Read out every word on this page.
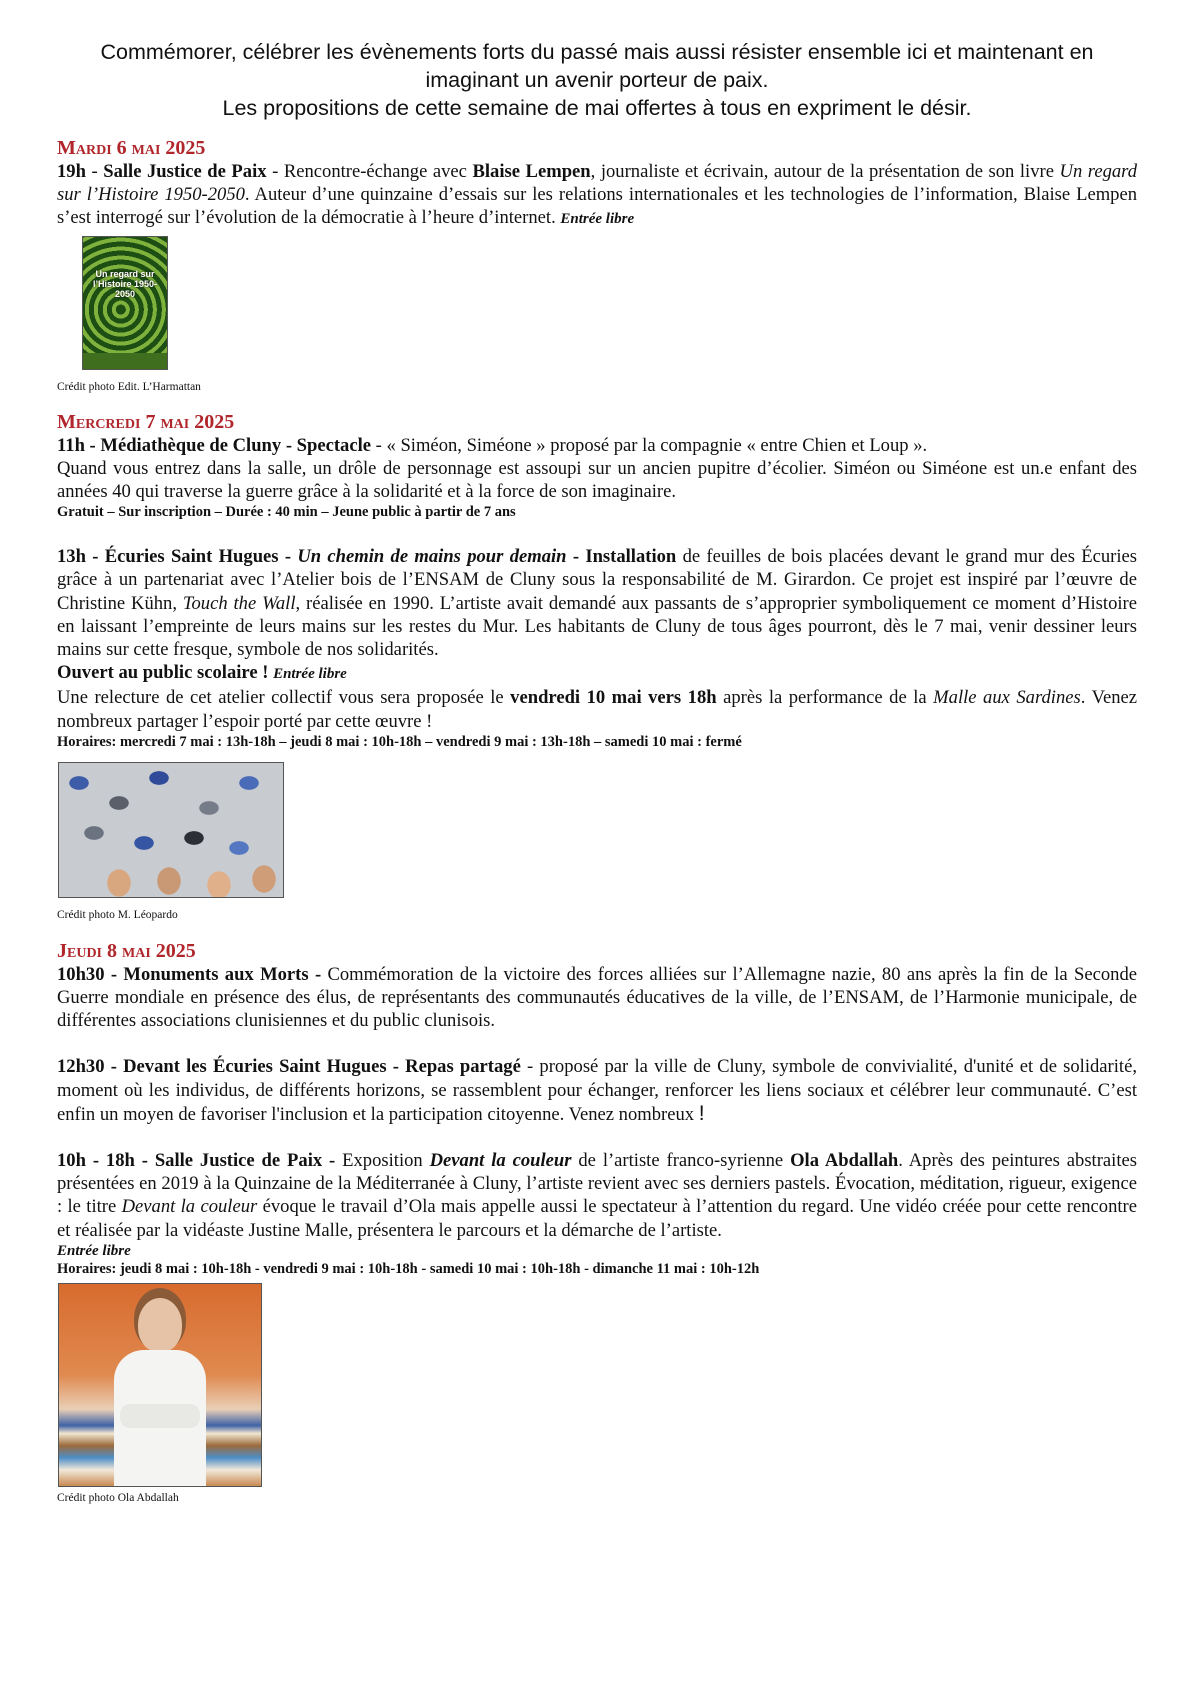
Commémorer, célébrer les évènements forts du passé mais aussi résister ensemble ici et maintenant en
imaginant un avenir porteur de paix.
Les propositions de cette semaine de mai offertes à tous en expriment le désir.
Mardi 6 mai 2025

19h - Salle Justice de Paix - Rencontre-échange avec Blaise Lempen, journaliste et écrivain, autour de la présentation de son livre Un regard sur l’Histoire 1950-2050. Auteur d’une quinzaine d’essais sur les relations internationales et les technologies de l’information, Blaise Lempen s’est interrogé sur l’évolution de la démocratie à l’heure d’internet. Entrée libre

Un regard sur l’Histoire 1950-2050
Crédit photo Edit. L’Harmattan
Mercredi 7 mai 2025

11h - Médiathèque de Cluny - Spectacle - « Siméon, Siméone » proposé par la compagnie « entre Chien et Loup ».

Quand vous entrez dans la salle, un drôle de personnage est assoupi sur un ancien pupitre d’écolier. Siméon ou Siméone est un.e enfant des années 40 qui traverse la guerre grâce à la solidarité et à la force de son imaginaire.

Gratuit – Sur inscription – Durée : 40 min – Jeune public à partir de 7 ans

13h - Écuries Saint Hugues - Un chemin de mains pour demain - Installation de feuilles de bois placées devant le grand mur des Écuries grâce à un partenariat avec l’Atelier bois de l’ENSAM de Cluny sous la responsabilité de M. Girardon. Ce projet est inspiré par l’œuvre de Christine Kühn, Touch the Wall, réalisée en 1990. L’artiste avait demandé aux passants de s’approprier symboliquement ce moment d’Histoire en laissant l’empreinte de leurs mains sur les restes du Mur. Les habitants de Cluny de tous âges pourront, dès le 7 mai, venir dessiner leurs mains sur cette fresque, symbole de nos solidarités.

Ouvert au public scolaire ! Entrée libre

Une relecture de cet atelier collectif vous sera proposée le vendredi 10 mai vers 18h après la performance de la Malle aux Sardines. Venez nombreux partager l’espoir porté par cette œuvre !

Horaires: mercredi 7 mai : 13h-18h – jeudi 8 mai : 10h-18h – vendredi 9 mai : 13h-18h – samedi 10 mai : fermé
Crédit photo M. Léopardo
Jeudi 8 mai 2025

10h30 - Monuments aux Morts - Commémoration de la victoire des forces alliées sur l’Allemagne nazie, 80 ans après la fin de la Seconde Guerre mondiale en présence des élus, de représentants des communautés éducatives de la ville, de l’ENSAM, de l’Harmonie municipale, de différentes associations clunisiennes et du public clunisois.

12h30 - Devant les Écuries Saint Hugues - Repas partagé - proposé par la ville de Cluny, symbole de convivialité, d'unité et de solidarité, moment où les individus, de différents horizons, se rassemblent pour échanger, renforcer les liens sociaux et célébrer leur communauté. C’est enfin un moyen de favoriser l'inclusion et la participation citoyenne. Venez nombreux !

10h - 18h - Salle Justice de Paix - Exposition Devant la couleur de l’artiste franco-syrienne Ola Abdallah. Après des peintures abstraites présentées en 2019 à la Quinzaine de la Méditerranée à Cluny, l’artiste revient avec ses derniers pastels. Évocation, méditation, rigueur, exigence : le titre Devant la couleur évoque le travail d’Ola mais appelle aussi le spectateur à l’attention du regard. Une vidéo créée pour cette rencontre et réalisée par la vidéaste Justine Malle, présentera le parcours et la démarche de l’artiste.

Entrée libre
Horaires: jeudi 8 mai : 10h-18h - vendredi 9 mai : 10h-18h - samedi 10 mai : 10h-18h - dimanche 11 mai : 10h-12h
Crédit photo Ola Abdallah
